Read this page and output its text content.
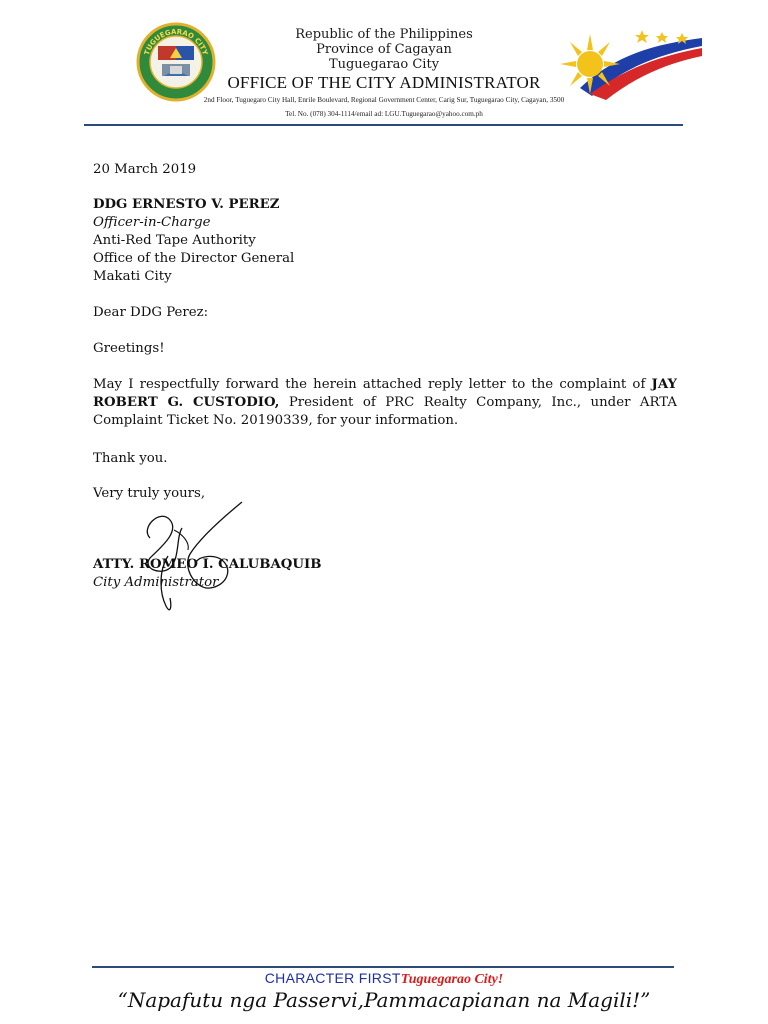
TUGUEGARAO CITY
Republic of the Philippines
Province of Cagayan
Tuguegarao City
OFFICE OF THE CITY ADMINISTRATOR
2nd Floor, Tuguegaro City Hall, Enrile Boulevard, Regional Government Center, Carig Sur, Tuguegarao City, Cagayan, 3500
Tel. No. (078) 304-1114/email ad: LGU.Tuguegarao@yahoo.com.ph
20 March 2019
DDG ERNESTO V. PEREZ
Officer-in-Charge
Anti-Red Tape Authority
Office of the Director General
Makati City
Dear DDG Perez:
Greetings!
May I respectfully forward the herein attached reply letter to the complaint of JAY ROBERT G. CUSTODIO, President of PRC Realty Company, Inc., under ARTA Complaint Ticket No. 20190339, for your information.
Thank you.
Very truly yours,
ATTY. ROMEO I. CALUBAQUIB
City Administrator
CHARACTER FIRSTTuguegarao City!
“Napafutu nga Passervi,Pammacapianan na Magili!”
